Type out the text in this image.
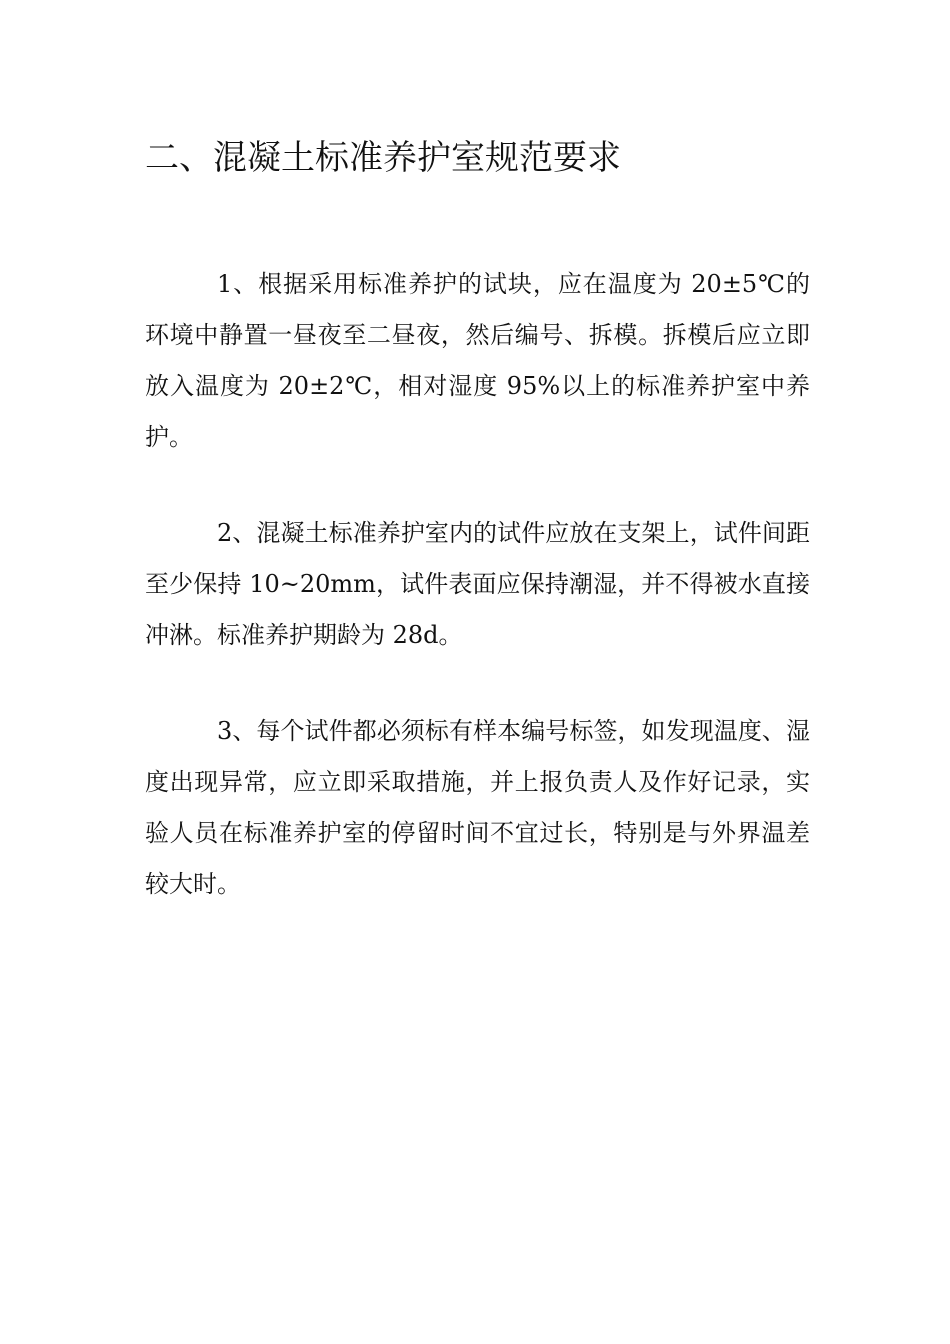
二、混凝土标准养护室规范要求

1、根据采用标准养护的试块，应在温度为 20±5℃的环境中静置一昼夜至二昼夜，然后编号、拆模。拆模后应立即放入温度为 20±2℃，相对湿度 95%以上的标准养护室中养护。

2、混凝土标准养护室内的试件应放在支架上，试件间距至少保持 10~20mm，试件表面应保持潮湿，并不得被水直接冲淋。标准养护期龄为 28d。

3、每个试件都必须标有样本编号标签，如发现温度、湿度出现异常，应立即采取措施，并上报负责人及作好记录，实验人员在标准养护室的停留时间不宜过长，特别是与外界温差较大时。
